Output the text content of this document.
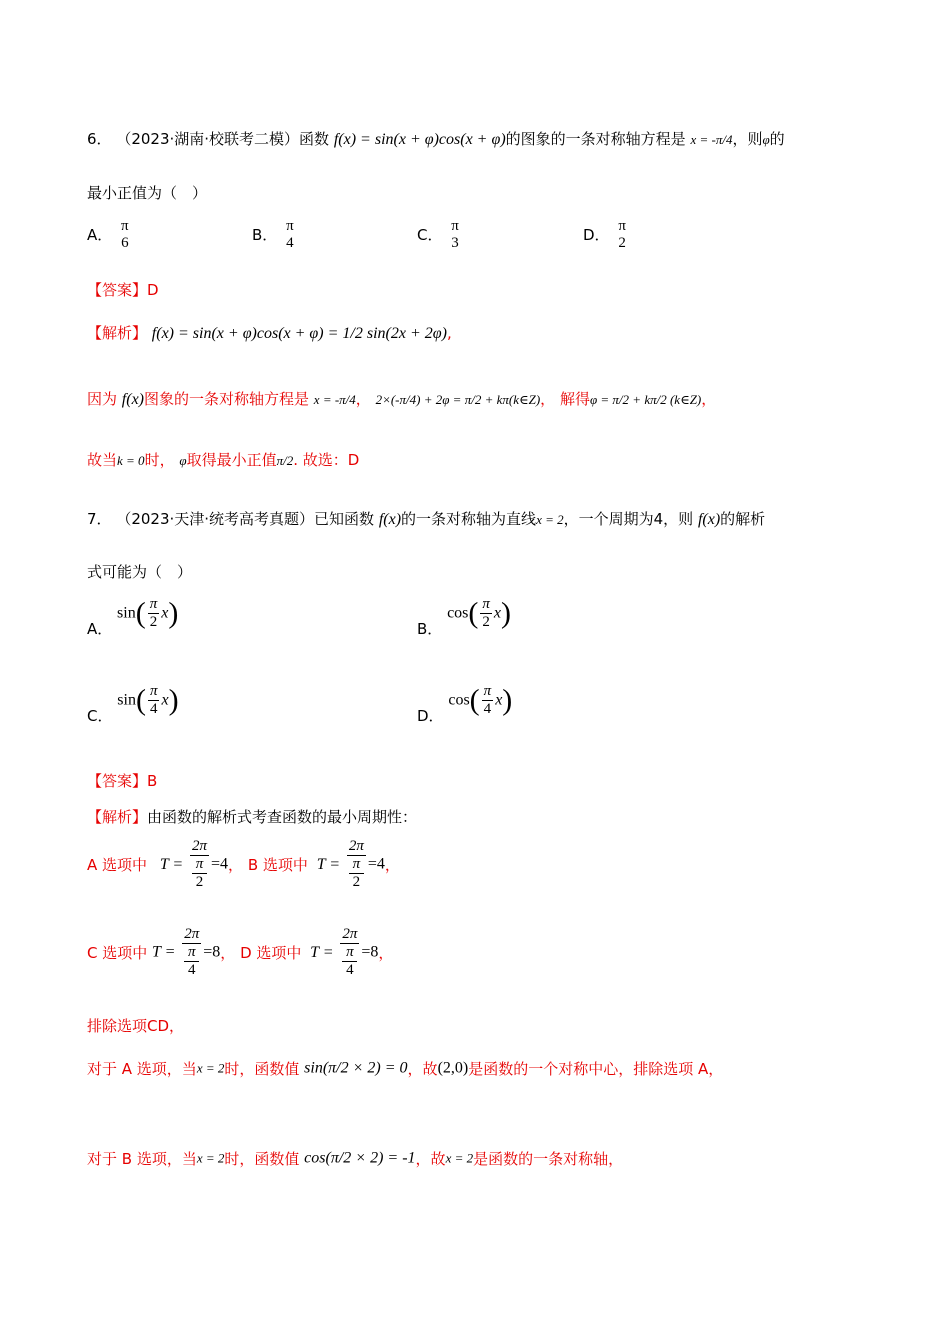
6． （2023·湖南·校联考二模）函数 f(x) = sin(x + φ)cos(x + φ)的图象的一条对称轴方程是 x = -π/4，则φ的
最小正值为（　）
A． π
6	B． π
4	C． π
3	D． π
2
【答案】D
【解析】 f(x) = sin(x + φ)cos(x + φ) = 1/2 sin(2x + 2φ),
因为 f(x)图象的一条对称轴方程是 x = -π/4， 2×(-π/4) + 2φ = π/2 + kπ(k∈Z)， 解得φ = π/2 + kπ/2 (k∈Z)，
故当k = 0时， φ取得最小正值π/2. 故选：D
7． （2023·天津·统考高考真题）已知函数 f(x)的一条对称轴为直线x = 2，一个周期为4，则 f(x)的解析
式可能为（　）
A． $\sin( \frac{\pi}{2} x)$	B． $\cos( \frac{\pi}{2} x)$
C． $\sin( \frac{\pi}{4} x)$	D． $\cos( \frac{\pi}{4} x)$
【答案】B
【解析】由函数的解析式考查函数的最小周期性：
A 选项中 T = 2π
π
2 =4， B 选项中 T = 2π
π
2 =4，
C 选项中 T = 2π
π
4 =8， D 选项中 T = 2π
π
4 =8，
排除选项CD，
对于 A 选项，当x = 2时，函数值 sin(π/2 × 2) = 0，故(2,0)是函数的一个对称中心，排除选项 A，
对于 B 选项，当x = 2时，函数值 cos(π/2 × 2) = -1，故x = 2是函数的一条对称轴，
